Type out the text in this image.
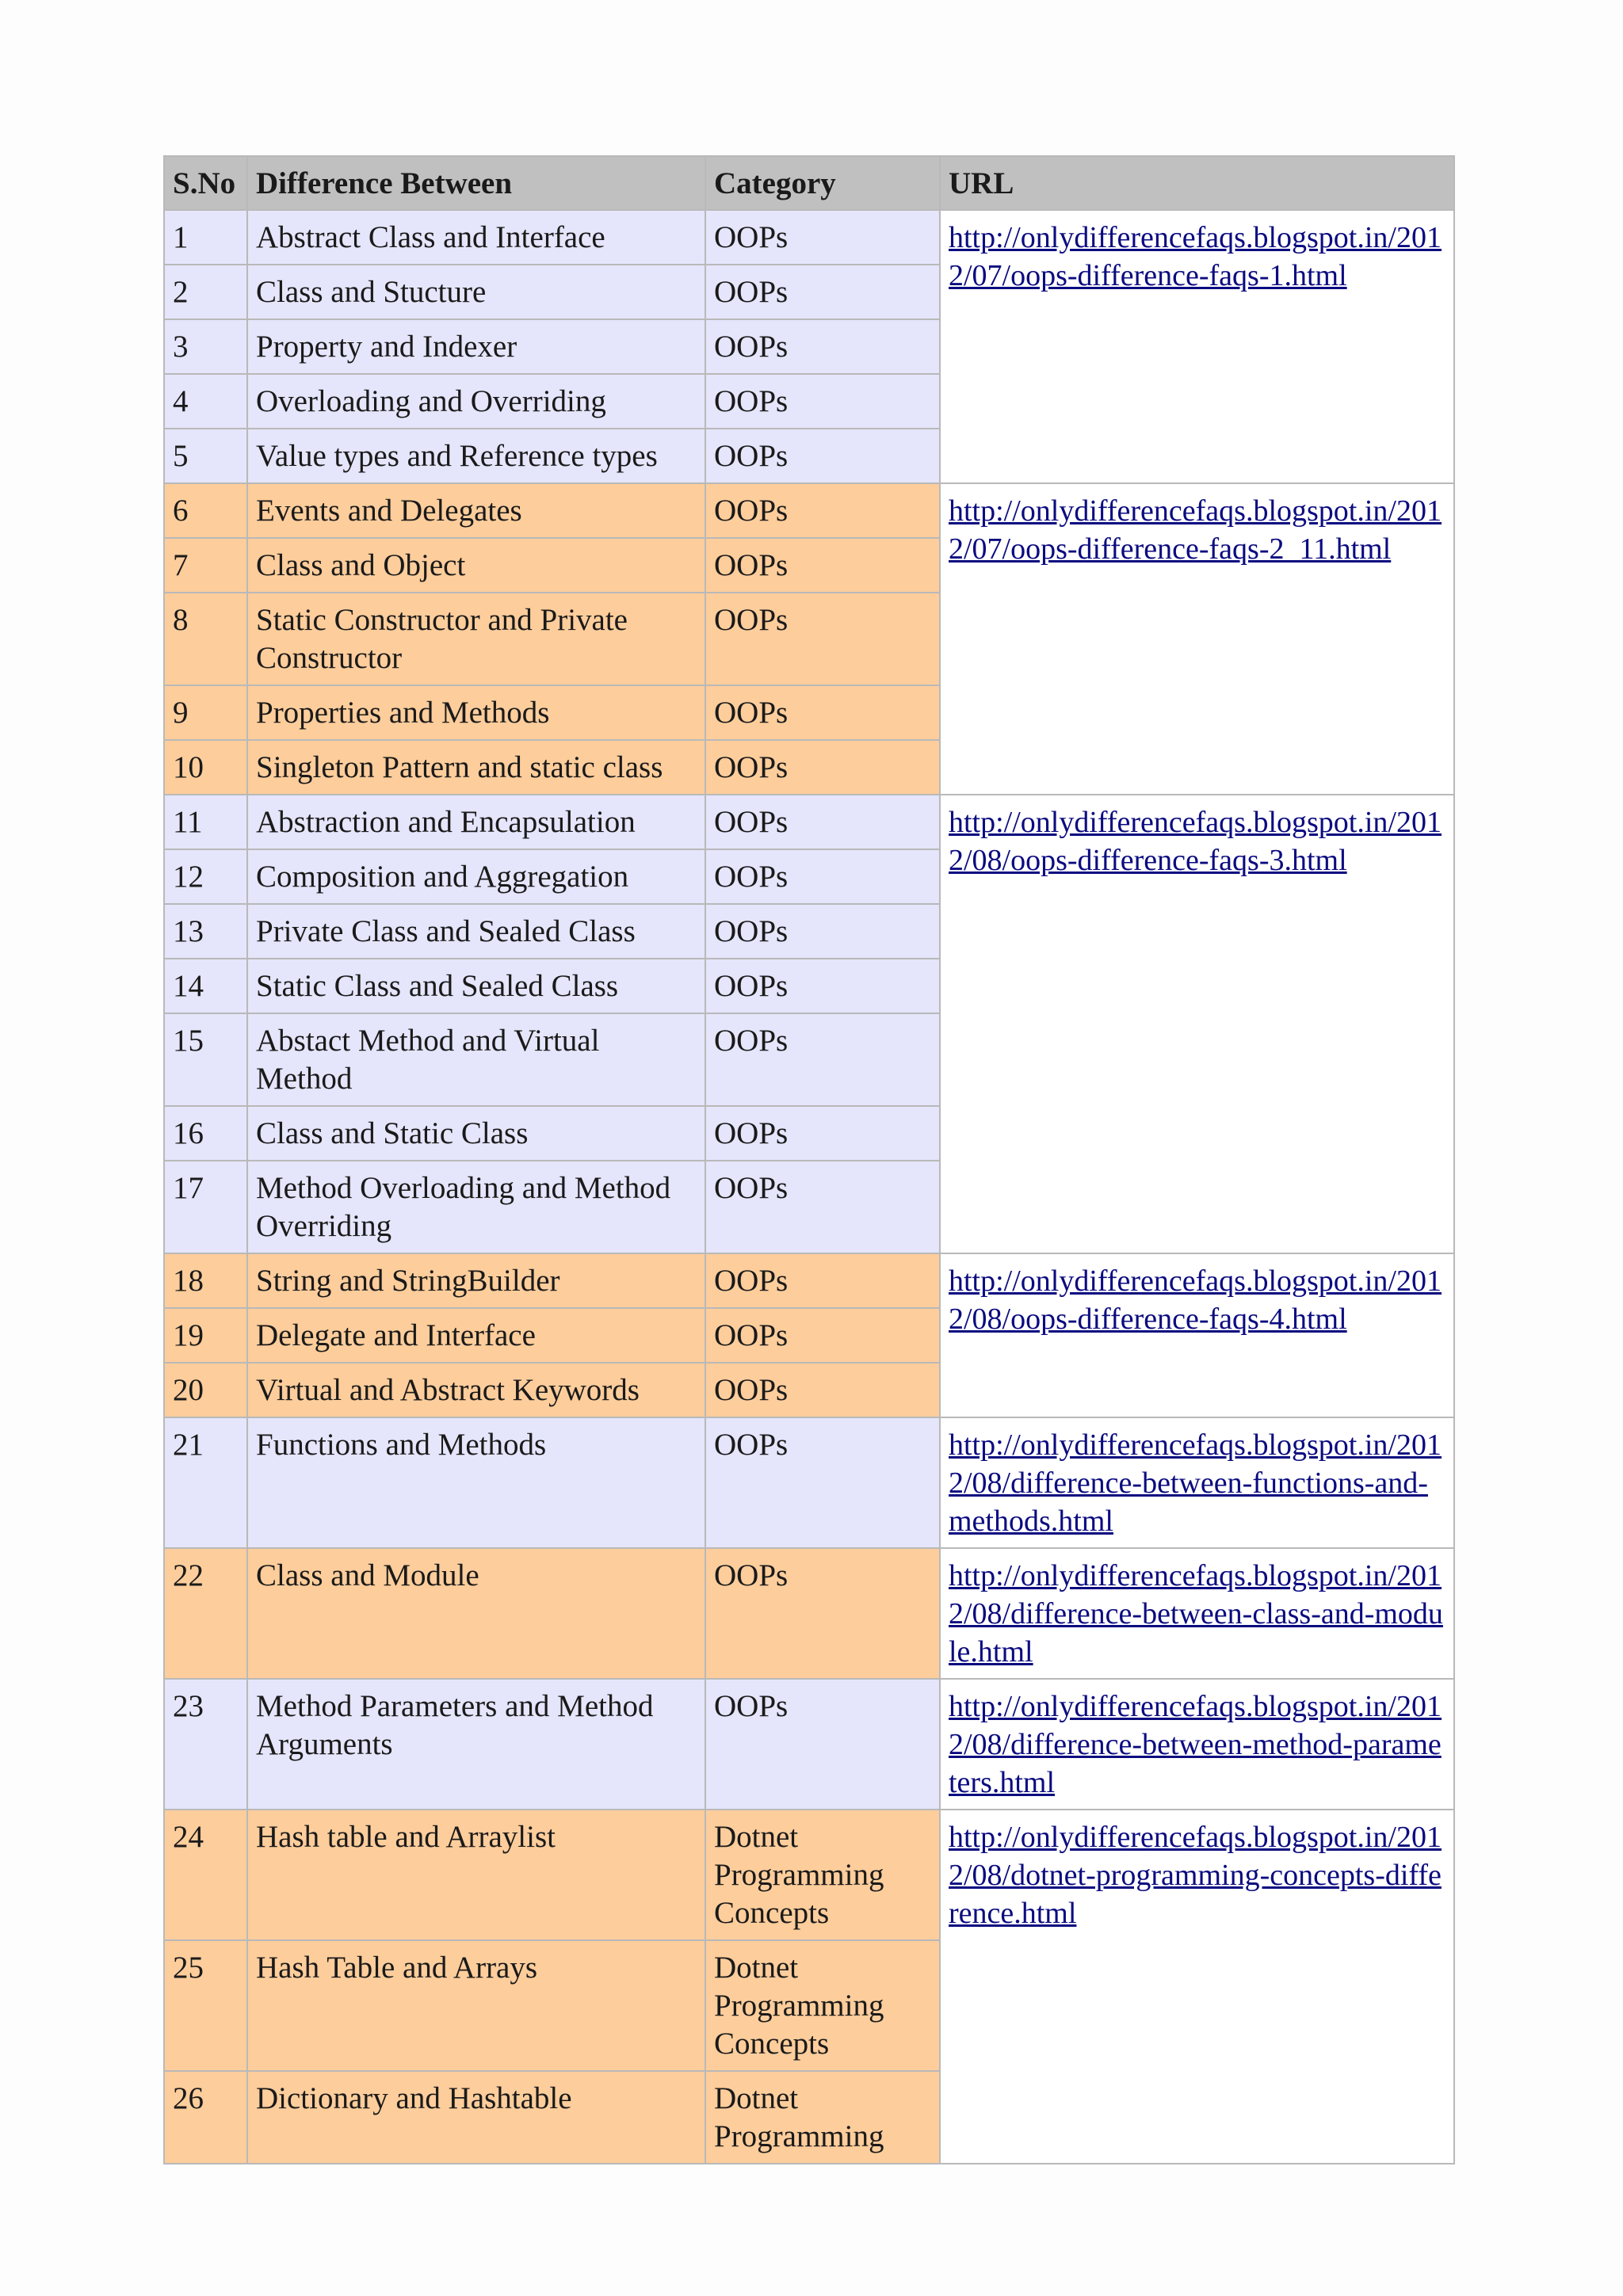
S.No	Difference Between	Category	URL
1	Abstract Class and Interface	OOPs	http://onlydifferencefaqs.blogspot.in/2012/07/oops-difference-faqs-1.html
2	Class and Stucture	OOPs	
3	Property and Indexer	OOPs	
4	Overloading and Overriding	OOPs	
5	Value types and Reference types	OOPs	
6	Events and Delegates	OOPs	http://onlydifferencefaqs.blogspot.in/2012/07/oops-difference-faqs-2_11.html
7	Class and Object	OOPs	
8	Static Constructor and Private Constructor	OOPs	
9	Properties and Methods	OOPs	
10	Singleton Pattern and static class	OOPs	
11	Abstraction and Encapsulation	OOPs	http://onlydifferencefaqs.blogspot.in/2012/08/oops-difference-faqs-3.html
12	Composition and Aggregation	OOPs	
13	Private Class and Sealed Class	OOPs	
14	Static Class and Sealed Class	OOPs	
15	Abstact Method and Virtual Method	OOPs	
16	Class and Static Class	OOPs	
17	Method Overloading and Method Overriding	OOPs	
18	String and StringBuilder	OOPs	http://onlydifferencefaqs.blogspot.in/2012/08/oops-difference-faqs-4.html
19	Delegate and Interface	OOPs	
20	Virtual and Abstract Keywords	OOPs	
21	Functions and Methods	OOPs	http://onlydifferencefaqs.blogspot.in/2012/08/difference-between-functions-and-methods.html
22	Class and Module	OOPs	http://onlydifferencefaqs.blogspot.in/2012/08/difference-between-class-and-module.html
23	Method Parameters and Method Arguments	OOPs	http://onlydifferencefaqs.blogspot.in/2012/08/difference-between-method-parameters.html
24	Hash table and Arraylist	Dotnet Programming Concepts	http://onlydifferencefaqs.blogspot.in/2012/08/dotnet-programming-concepts-difference.html
25	Hash Table and Arrays	Dotnet Programming Concepts	
26	Dictionary and Hashtable	Dotnet Programming	
